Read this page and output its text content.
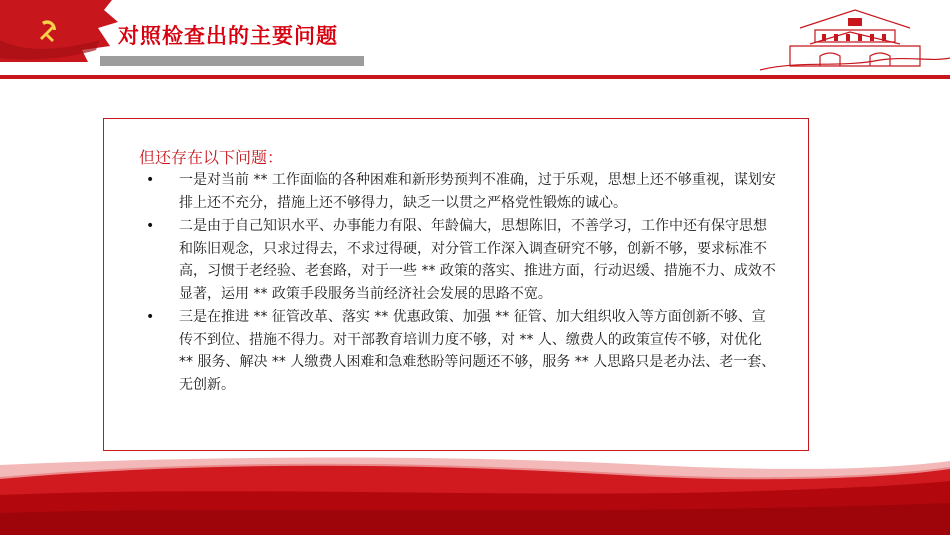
对照检查出的主要问题
但还存在以下问题：
• 一是对当前 ** 工作面临的各种困难和新形势预判不准确，过于乐观，思想上还不够重视，谋划安排上还不充分，措施上还不够得力，缺乏一以贯之严格党性锻炼的诚心。
• 二是由于自己知识水平、办事能力有限、年龄偏大，思想陈旧，不善学习，工作中还有保守思想和陈旧观念，只求过得去，不求过得硬，对分管工作深入调查研究不够，创新不够，要求标准不高，习惯于老经验、老套路，对于一些 ** 政策的落实、推进方面，行动迟缓、措施不力、成效不显著，运用 ** 政策手段服务当前经济社会发展的思路不宽。
• 三是在推进 ** 征管改革、落实 ** 优惠政策、加强 ** 征管、加大组织收入等方面创新不够、宣传不到位、措施不得力。对干部教育培训力度不够，对 ** 人、缴费人的政策宣传不够，对优化 ** 服务、解决 ** 人缴费人困难和急难愁盼等问题还不够，服务 ** 人思路只是老办法、老一套、无创新。
